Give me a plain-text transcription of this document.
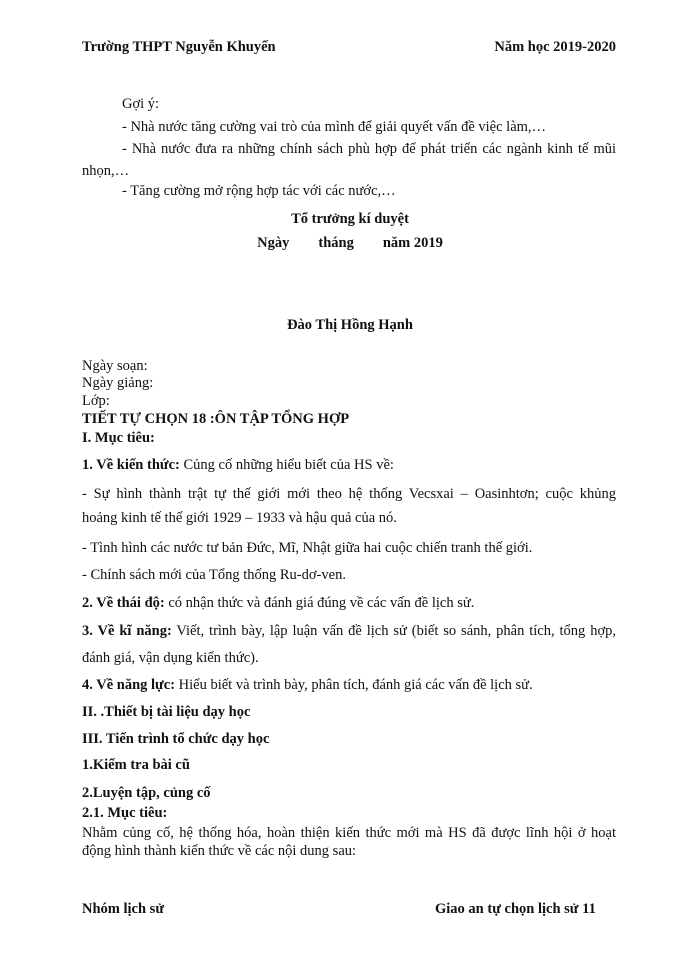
Trường THPT Nguyễn Khuyến	Năm học 2019-2020
Gợi ý:
- Nhà nước tăng cường vai trò của mình để giải quyết vấn đề việc làm,…
- Nhà nước đưa ra những chính sách phù hợp để phát triển các ngành kinh tế mũi
nhọn,…
- Tăng cường mở rộng hợp tác với các nước,…
Tổ trưởng kí duyệt
Ngày        tháng        năm 2019
Đào Thị Hồng Hạnh
Ngày soạn:
Ngày giảng:
Lớp:
TIẾT TỰ CHỌN 18 :ÔN TẬP TỔNG HỢP
I. Mục tiêu:
1. Về kiến thức: Củng cố những hiểu biết của HS về:
- Sự hình thành trật tự thế giới mới theo hệ thống Vecsxai – Oasinhtơn; cuộc khủng
hoảng kinh tế thế giới 1929 – 1933 và hậu quả của nó.
- Tình hình các nước tư bản Đức, Mĩ, Nhật giữa hai cuộc chiến tranh thế giới.
- Chính sách mới của Tổng thống Ru-dơ-ven.
2. Về thái độ: có nhận thức và đánh giá đúng về các vấn đề lịch sử.
3. Về kĩ năng: Viết, trình bày, lập luận vấn đề lịch sử (biết so sánh, phân tích, tổng hợp,
đánh giá, vận dụng kiến thức).
4. Về năng lực: Hiểu biết và trình bày, phân tích, đánh giá các vấn đề lịch sử.
II. .Thiết bị tài liệu dạy học
III. Tiến trình tổ chức dạy học
1.Kiểm tra bài cũ
2.Luyện tập, củng cố
2.1. Mục tiêu:
Nhằm củng cố, hệ thống hóa, hoàn thiện kiến thức mới mà HS đã được lĩnh hội ở hoạt
động hình thành kiến thức về các nội dung sau:
Nhóm lịch sử	Giao an tự chọn lịch sử 11
